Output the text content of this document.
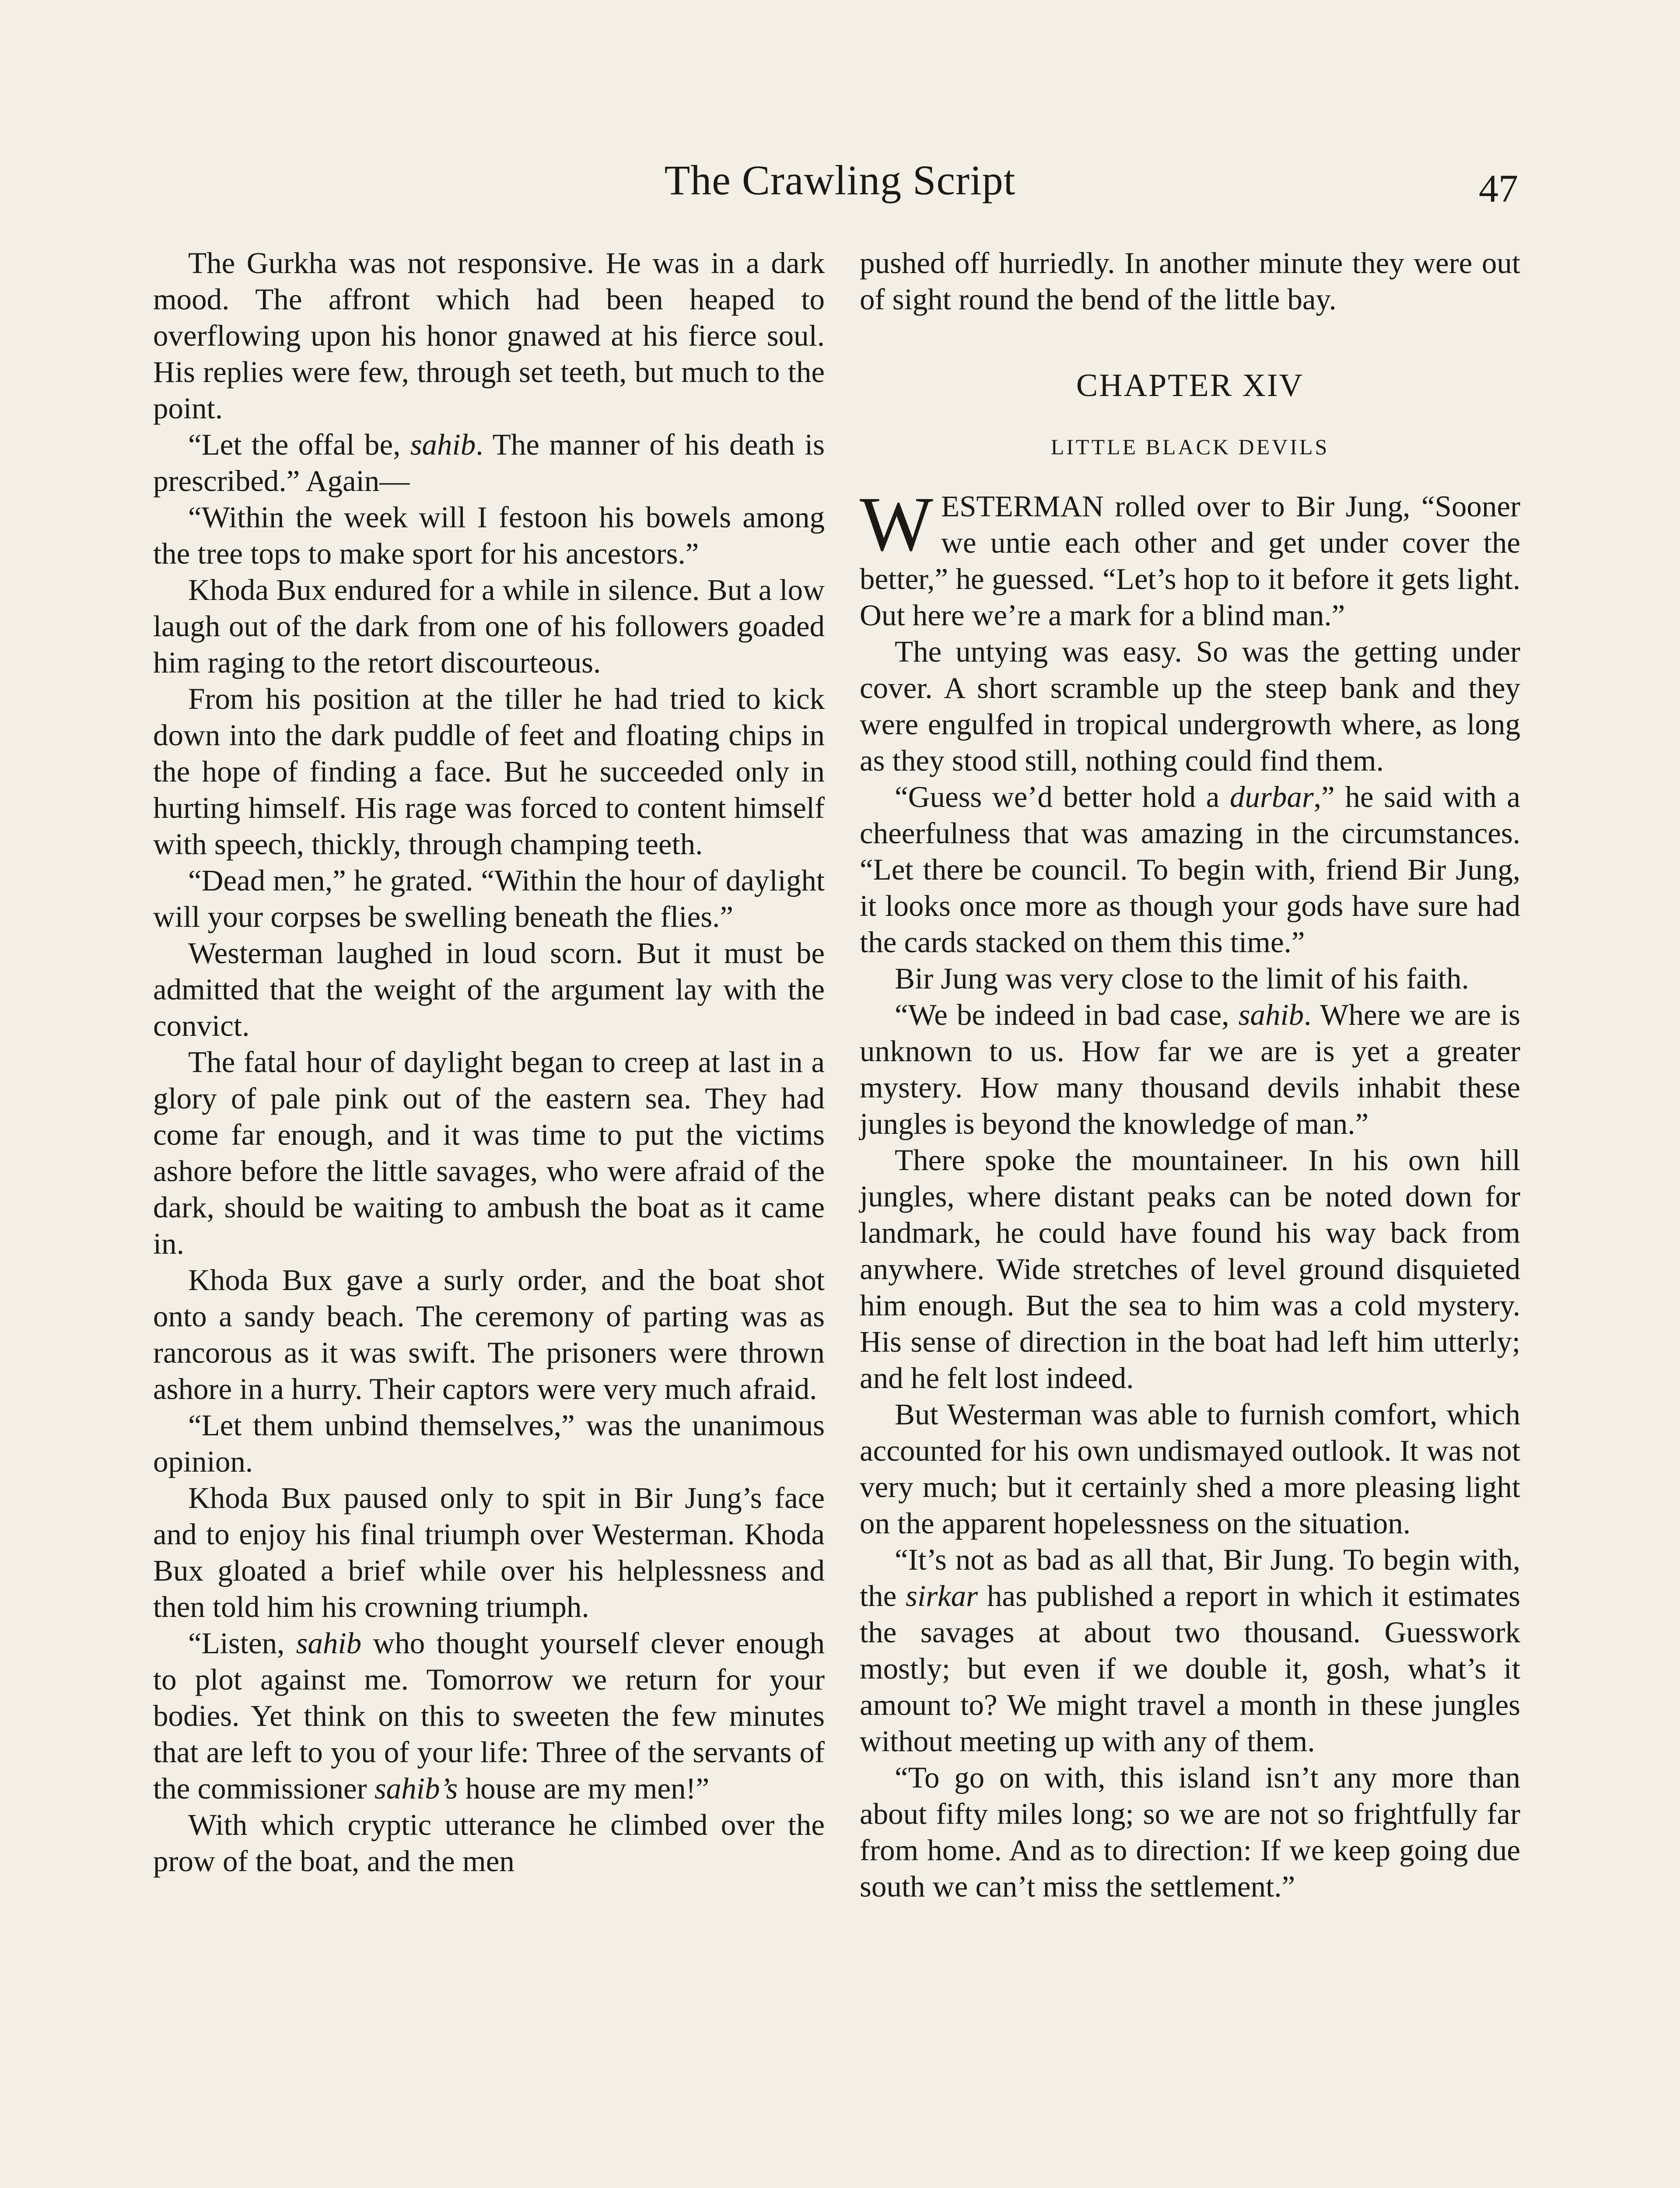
The Crawling Script	47

The Gurkha was not responsive. He was in a dark mood. The affront which had been heaped to overflowing upon his honor gnawed at his fierce soul. His replies were few, through set teeth, but much to the point.

“Let the offal be, sahib. The manner of his death is prescribed.” Again—

“Within the week will I festoon his bowels among the tree tops to make sport for his ancestors.”

Khoda Bux endured for a while in silence. But a low laugh out of the dark from one of his followers goaded him raging to the retort discourteous.

From his position at the tiller he had tried to kick down into the dark puddle of feet and floating chips in the hope of finding a face. But he succeeded only in hurting himself. His rage was forced to content himself with speech, thickly, through champing teeth.

“Dead men,” he grated. “Within the hour of daylight will your corpses be swelling beneath the flies.”

Westerman laughed in loud scorn. But it must be admitted that the weight of the argument lay with the convict.

The fatal hour of daylight began to creep at last in a glory of pale pink out of the eastern sea. They had come far enough, and it was time to put the victims ashore before the little savages, who were afraid of the dark, should be waiting to ambush the boat as it came in.

Khoda Bux gave a surly order, and the boat shot onto a sandy beach. The ceremony of parting was as rancorous as it was swift. The prisoners were thrown ashore in a hurry. Their captors were very much afraid.

“Let them unbind themselves,” was the unanimous opinion.

Khoda Bux paused only to spit in Bir Jung’s face and to enjoy his final triumph over Westerman. Khoda Bux gloated a brief while over his helplessness and then told him his crowning triumph.

“Listen, sahib who thought yourself clever enough to plot against me. Tomorrow we return for your bodies. Yet think on this to sweeten the few minutes that are left to you of your life: Three of the servants of the commissioner sahib’s house are my men!”

With which cryptic utterance he climbed over the prow of the boat, and the men

pushed off hurriedly. In another minute they were out of sight round the bend of the little bay.

CHAPTER XIV
LITTLE BLACK DEVILS

WESTERMAN rolled over to Bir Jung, “Sooner we untie each other and get under cover the better,” he guessed. “Let’s hop to it before it gets light. Out here we’re a mark for a blind man.”

The untying was easy. So was the getting under cover. A short scramble up the steep bank and they were engulfed in tropical undergrowth where, as long as they stood still, nothing could find them.

“Guess we’d better hold a durbar,” he said with a cheerfulness that was amazing in the circumstances. “Let there be council. To begin with, friend Bir Jung, it looks once more as though your gods have sure had the cards stacked on them this time.”

Bir Jung was very close to the limit of his faith.

“We be indeed in bad case, sahib. Where we are is unknown to us. How far we are is yet a greater mystery. How many thousand devils inhabit these jungles is beyond the knowledge of man.”

There spoke the mountaineer. In his own hill jungles, where distant peaks can be noted down for landmark, he could have found his way back from anywhere. Wide stretches of level ground disquieted him enough. But the sea to him was a cold mystery. His sense of direction in the boat had left him utterly; and he felt lost indeed.

But Westerman was able to furnish comfort, which accounted for his own undismayed outlook. It was not very much; but it certainly shed a more pleasing light on the apparent hopelessness on the situation.

“It’s not as bad as all that, Bir Jung. To begin with, the sirkar has published a report in which it estimates the savages at about two thousand. Guesswork mostly; but even if we double it, gosh, what’s it amount to? We might travel a month in these jungles without meeting up with any of them.

“To go on with, this island isn’t any more than about fifty miles long; so we are not so frightfully far from home. And as to direction: If we keep going due south we can’t miss the settlement.”
